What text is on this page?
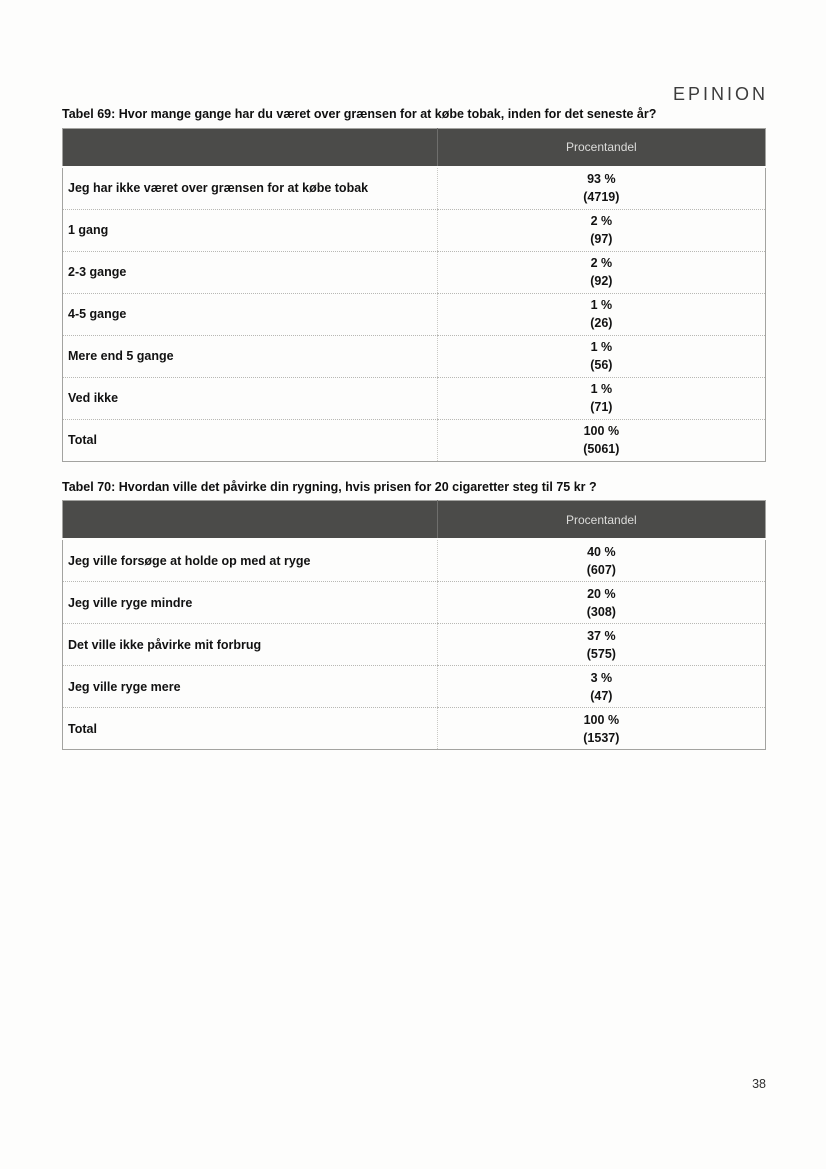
EPINION
Tabel 69: Hvor mange gange har du været over grænsen for at købe tobak, inden for det seneste år?
	Procentandel
Jeg har ikke været over grænsen for at købe tobak	93 %
(4719)

1 gang	2 %
(97)

2-3 gange	2 %
(92)

4-5 gange	1 %
(26)

Mere end 5 gange	1 %
(56)

Ved ikke	1 %
(71)

Total	100 %
(5061)
Tabel 70: Hvordan ville det påvirke din rygning, hvis prisen for 20 cigaretter steg til 75 kr ?
	Procentandel
Jeg ville forsøge at holde op med at ryge	40 %
(607)

Jeg ville ryge mindre	20 %
(308)

Det ville ikke påvirke mit forbrug	37 %
(575)

Jeg ville ryge mere	3 %
(47)

Total	100 %
(1537)
38
